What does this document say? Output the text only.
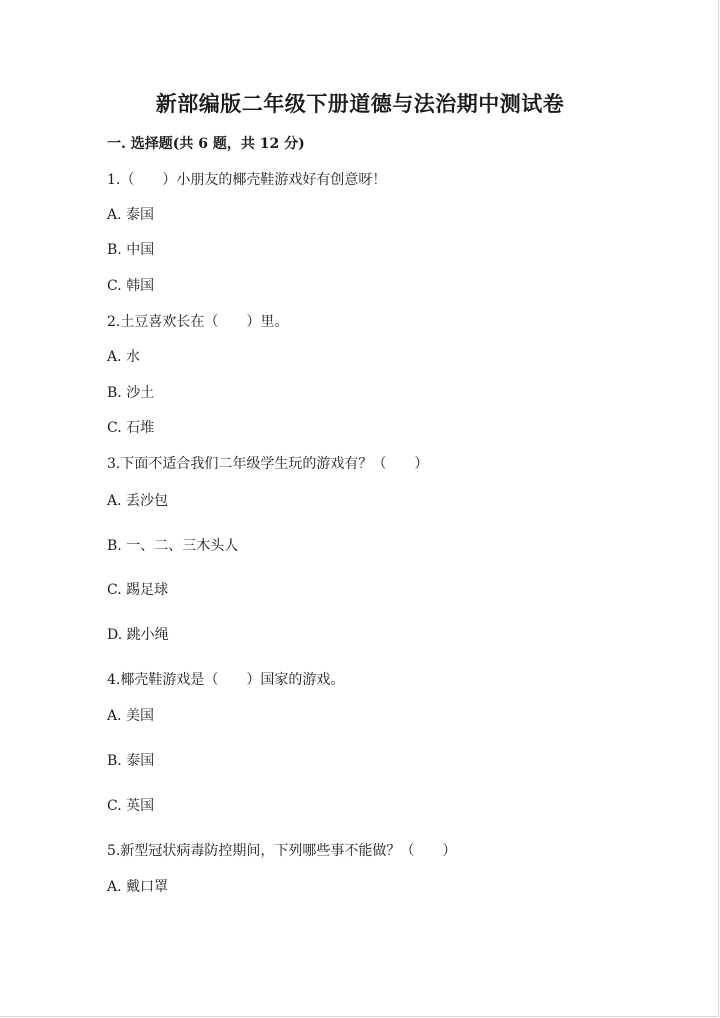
新部编版二年级下册道德与法治期中测试卷
一. 选择题(共 6 题，共 12 分)
1.（　　）小朋友的椰壳鞋游戏好有创意呀！
A. 泰国
B. 中国
C. 韩国
2.土豆喜欢长在（　　）里。
A. 水
B. 沙土
C. 石堆
3.下面不适合我们二年级学生玩的游戏有？（　　）
A. 丢沙包
B. 一、二、三木头人
C. 踢足球
D. 跳小绳
4.椰壳鞋游戏是（　　）国家的游戏。
A. 美国
B. 泰国
C. 英国
5.新型冠状病毒防控期间，下列哪些事不能做？（　　）
A. 戴口罩
